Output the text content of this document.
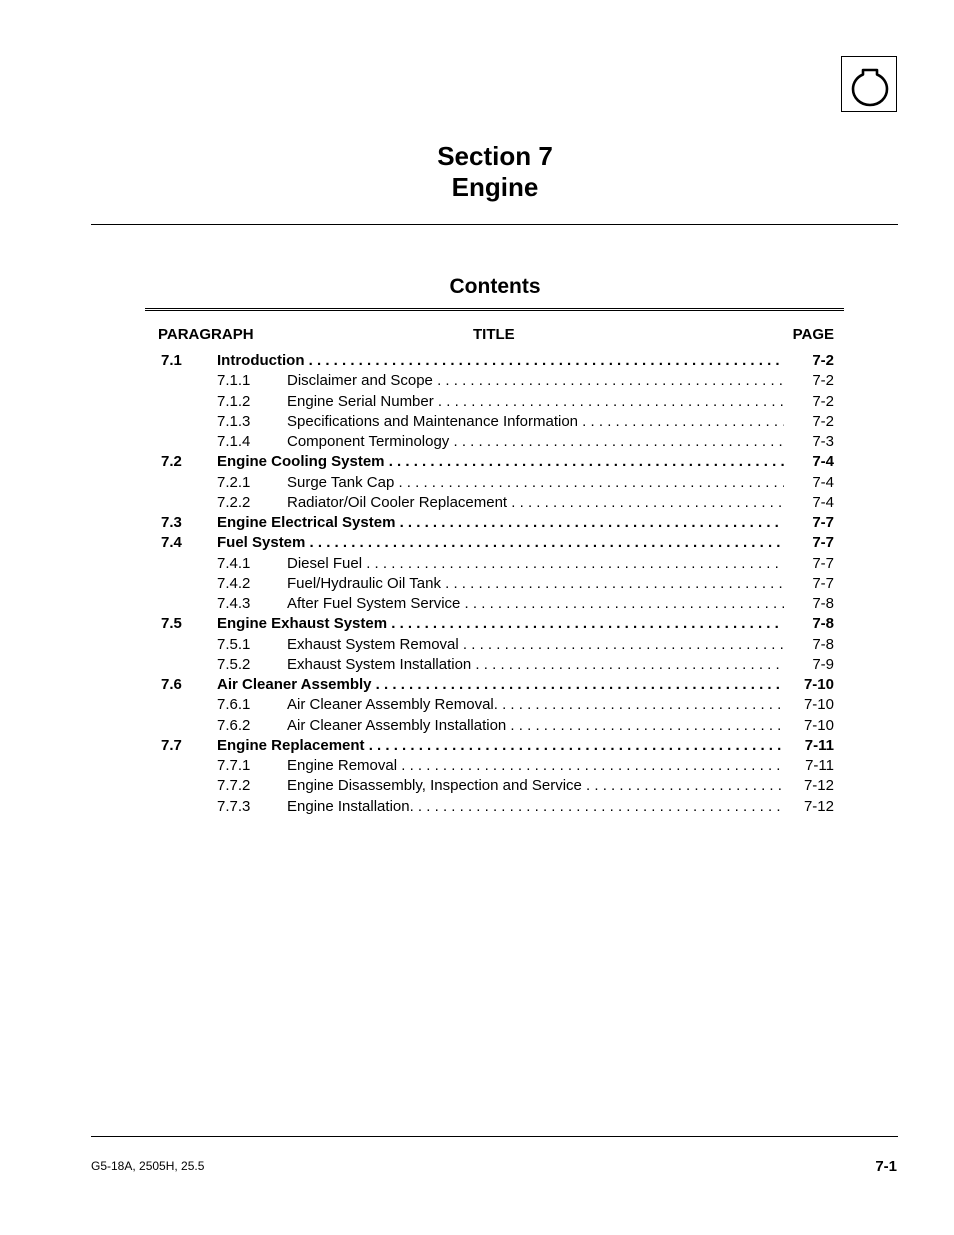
Section 7
Engine
Contents
PARAGRAPH	TITLE	PAGE
7.1 Introduction . . .	7-2
7.1.1 Disclaimer and Scope . . .	7-2
7.1.2 Engine Serial Number . . .	7-2
7.1.3 Specifications and Maintenance Information . . .	7-2
7.1.4 Component Terminology . . .	7-3
7.2 Engine Cooling System . . .	7-4
7.2.1 Surge Tank Cap . . .	7-4
7.2.2 Radiator/Oil Cooler Replacement . . .	7-4
7.3 Engine Electrical System . . .	7-7
7.4 Fuel System . . .	7-7
7.4.1 Diesel Fuel . . .	7-7
7.4.2 Fuel/Hydraulic Oil Tank . . .	7-7
7.4.3 After Fuel System Service . . .	7-8
7.5 Engine Exhaust System . . .	7-8
7.5.1 Exhaust System Removal . . .	7-8
7.5.2 Exhaust System Installation . . .	7-9
7.6 Air Cleaner Assembly . . .	7-10
7.6.1 Air Cleaner Assembly Removal. . . .	7-10
7.6.2 Air Cleaner Assembly Installation . . .	7-10
7.7 Engine Replacement . . .	7-11
7.7.1 Engine Removal . . .	7-11
7.7.2 Engine Disassembly, Inspection and Service . . .	7-12
7.7.3 Engine Installation. . . .	7-12
G5-18A, 2505H, 25.5	7-1
